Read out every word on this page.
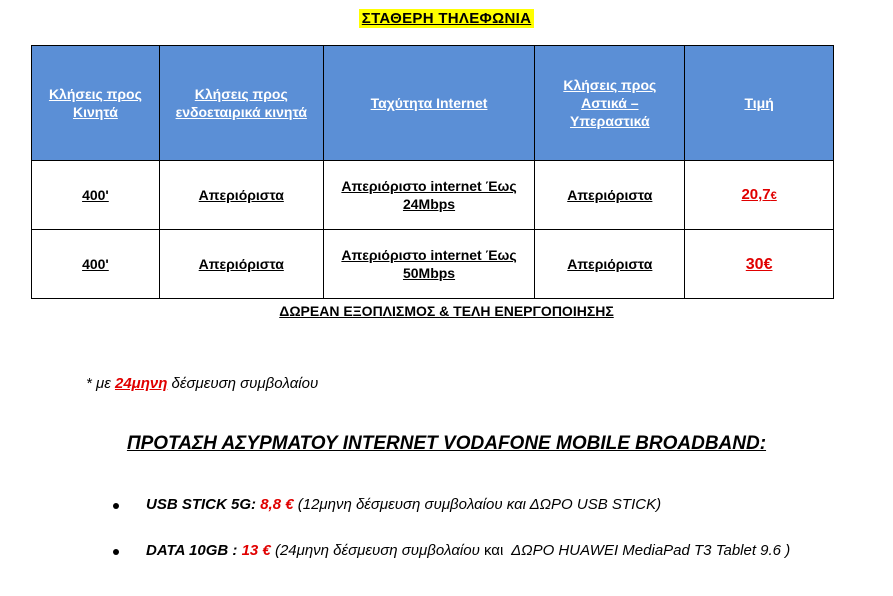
ΣΤΑΘΕΡΗ ΤΗΛΕΦΩΝΙΑ
Κλήσεις προς Κινητά	Κλήσεις προς ενδοεταιρικά κινητά	Ταχύτητα Internet	Κλήσεις προς Αστικά – Υπεραστικά	Τιμή
400'	Απεριόριστα	Απεριόριστο internet Έως 24Mbps	Απεριόριστα	20,7€
400'	Απεριόριστα	Απεριόριστο internet Έως 50Mbps	Απεριόριστα	30€
ΔΩΡΕΑΝ ΕΞΟΠΛΙΣΜΟΣ & ΤΕΛΗ ΕΝΕΡΓΟΠΟΙΗΣΗΣ
* με 24μηνη δέσμευση συμβολαίου
ΠΡΟΤΑΣΗ ΑΣΥΡΜΑΤΟΥ INTERNET VODAFONE MOBILE BROADBAND:
USB STICK 5G: 8,8 € (12μηνη δέσμευση συμβολαίου και ΔΩΡΟ USB STICK)
DATA 10GB : 13 € (24μηνη δέσμευση συμβολαίου και ΔΩΡΟ HUAWEI MediaPad T3 Tablet 9.6 )
